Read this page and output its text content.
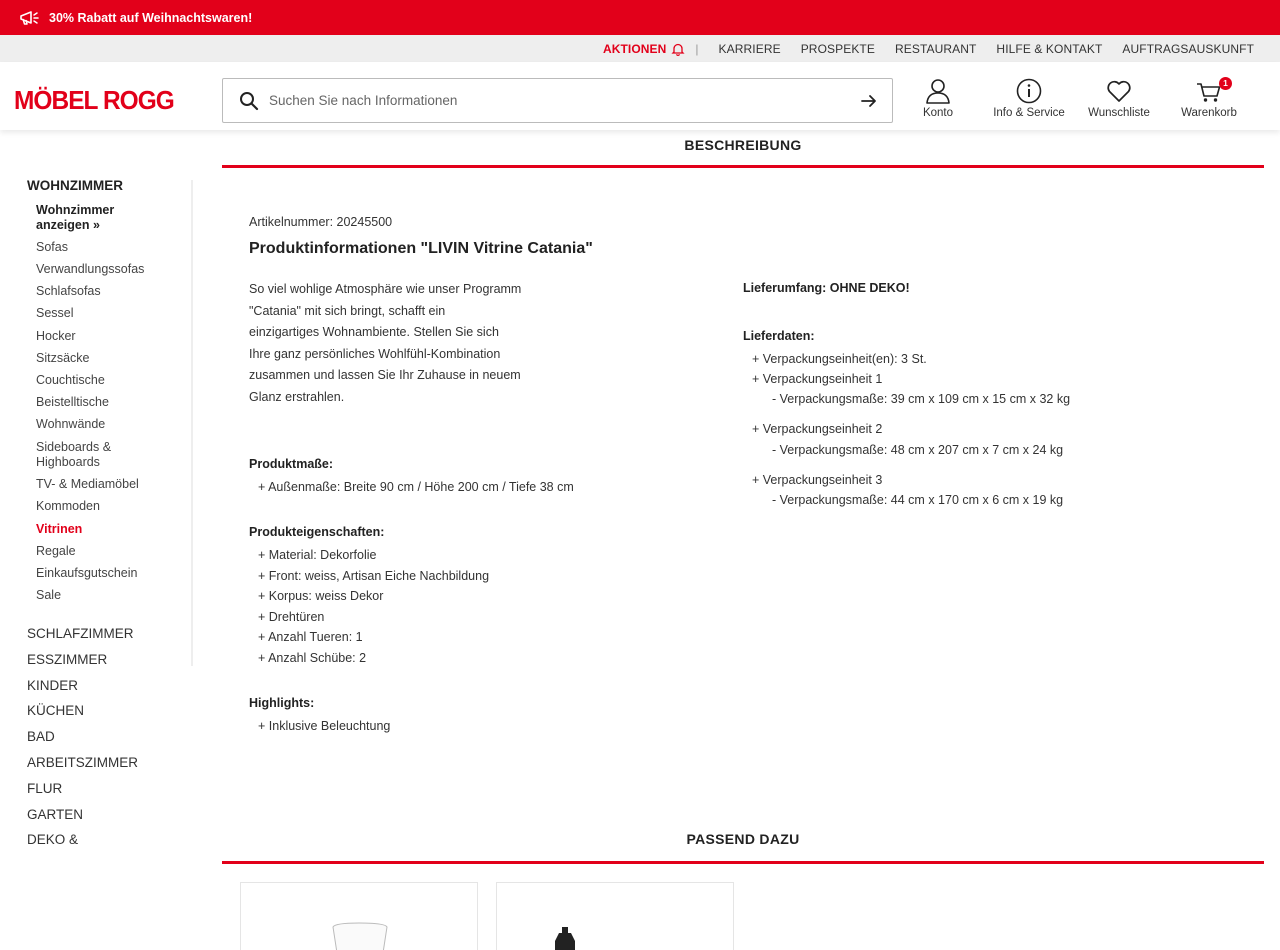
30% Rabatt auf Weihnachtswaren!
AKTIONEN | KARRIERE PROSPEKTE RESTAURANT HILFE & KONTAKT AUFTRAGSAUSKUNFT
MÖBEL ROGG
Suchen Sie nach Informationen	Konto	Info & Service Wunschliste
1
Warenkorb
WOHNZIMMER
Wohnzimmer
anzeigen »
Sofas
Verwandlungssofas
Schlafsofas
Sessel
Hocker
Sitzsäcke
Couchtische
Beistelltische
Wohnwände
Sideboards &
Highboards
TV- & Mediamöbel
Kommoden
Vitrinen
Regale
Einkaufsgutschein
Sale
SCHLAFZIMMER
ESSZIMMER
KINDER
KÜCHEN
BAD
ARBEITSZIMMER
FLUR
GARTEN
DEKO &
BESCHREIBUNG
Artikelnummer: 20245500
Produktinformationen "LIVIN Vitrine Catania"
So viel wohlige Atmosphäre wie unser Programm
"Catania" mit sich bringt, schafft ein
einzigartiges Wohnambiente. Stellen Sie sich
Ihre ganz persönliches Wohlfühl-Kombination
zusammen und lassen Sie Ihr Zuhause in neuem
Glanz erstrahlen.
Produktmaße:
+ Außenmaße: Breite 90 cm / Höhe 200 cm / Tiefe 38 cm
Produkteigenschaften:
+ Material: Dekorfolie
+ Front: weiss, Artisan Eiche Nachbildung
+ Korpus: weiss Dekor
+ Drehtüren
+ Anzahl Tueren: 1
+ Anzahl Schübe: 2
Highlights:
+ Inklusive Beleuchtung
Lieferumfang: OHNE DEKO!
Lieferdaten:
+ Verpackungseinheit(en): 3 St.
+ Verpackungseinheit 1
- Verpackungsmaße: 39 cm x 109 cm x 15 cm x 32 kg
+ Verpackungseinheit 2
- Verpackungsmaße: 48 cm x 207 cm x 7 cm x 24 kg
+ Verpackungseinheit 3
- Verpackungsmaße: 44 cm x 170 cm x 6 cm x 19 kg
PASSEND DAZU
